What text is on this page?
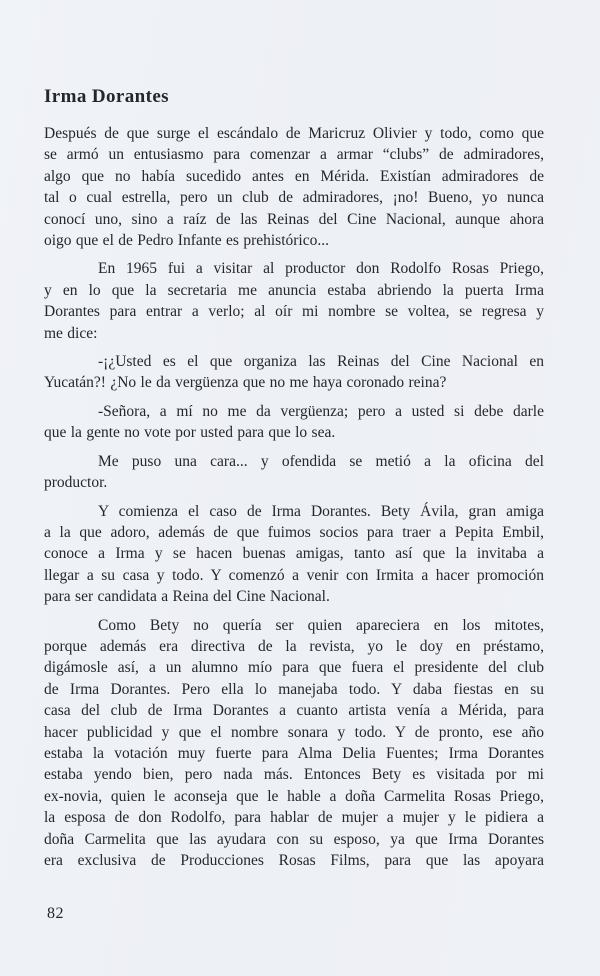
Irma Dorantes
Después de que surge el escándalo de Maricruz Olivier y todo, como que
se armó un entusiasmo para comenzar a armar “clubs” de admiradores,
algo que no había sucedido antes en Mérida. Existían admiradores de
tal o cual estrella, pero un club de admiradores, ¡no! Bueno, yo nunca
conocí uno, sino a raíz de las Reinas del Cine Nacional, aunque ahora
oigo que el de Pedro Infante es prehistórico...
En 1965 fui a visitar al productor don Rodolfo Rosas Priego,
y en lo que la secretaria me anuncia estaba abriendo la puerta Irma
Dorantes para entrar a verlo; al oír mi nombre se voltea, se regresa y
me dice:
-¡¿Usted es el que organiza las Reinas del Cine Nacional en
Yucatán?! ¿No le da vergüenza que no me haya coronado reina?
-Señora, a mí no me da vergüenza; pero a usted si debe darle
que la gente no vote por usted para que lo sea.
Me puso una cara... y ofendida se metió a la oficina del
productor.
Y comienza el caso de Irma Dorantes. Bety Ávila, gran amiga
a la que adoro, además de que fuimos socios para traer a Pepita Embil,
conoce a Irma y se hacen buenas amigas, tanto así que la invitaba a
llegar a su casa y todo. Y comenzó a venir con Irmita a hacer promoción
para ser candidata a Reina del Cine Nacional.
Como Bety no quería ser quien apareciera en los mitotes,
porque además era directiva de la revista, yo le doy en préstamo,
digámosle así, a un alumno mío para que fuera el presidente del club
de Irma Dorantes. Pero ella lo manejaba todo. Y daba fiestas en su
casa del club de Irma Dorantes a cuanto artista venía a Mérida, para
hacer publicidad y que el nombre sonara y todo. Y de pronto, ese año
estaba la votación muy fuerte para Alma Delia Fuentes; Irma Dorantes
estaba yendo bien, pero nada más. Entonces Bety es visitada por mi
ex-novia, quien le aconseja que le hable a doña Carmelita Rosas Priego,
la esposa de don Rodolfo, para hablar de mujer a mujer y le pidiera a
doña Carmelita que las ayudara con su esposo, ya que Irma Dorantes
era exclusiva de Producciones Rosas Films, para que las apoyara
82
